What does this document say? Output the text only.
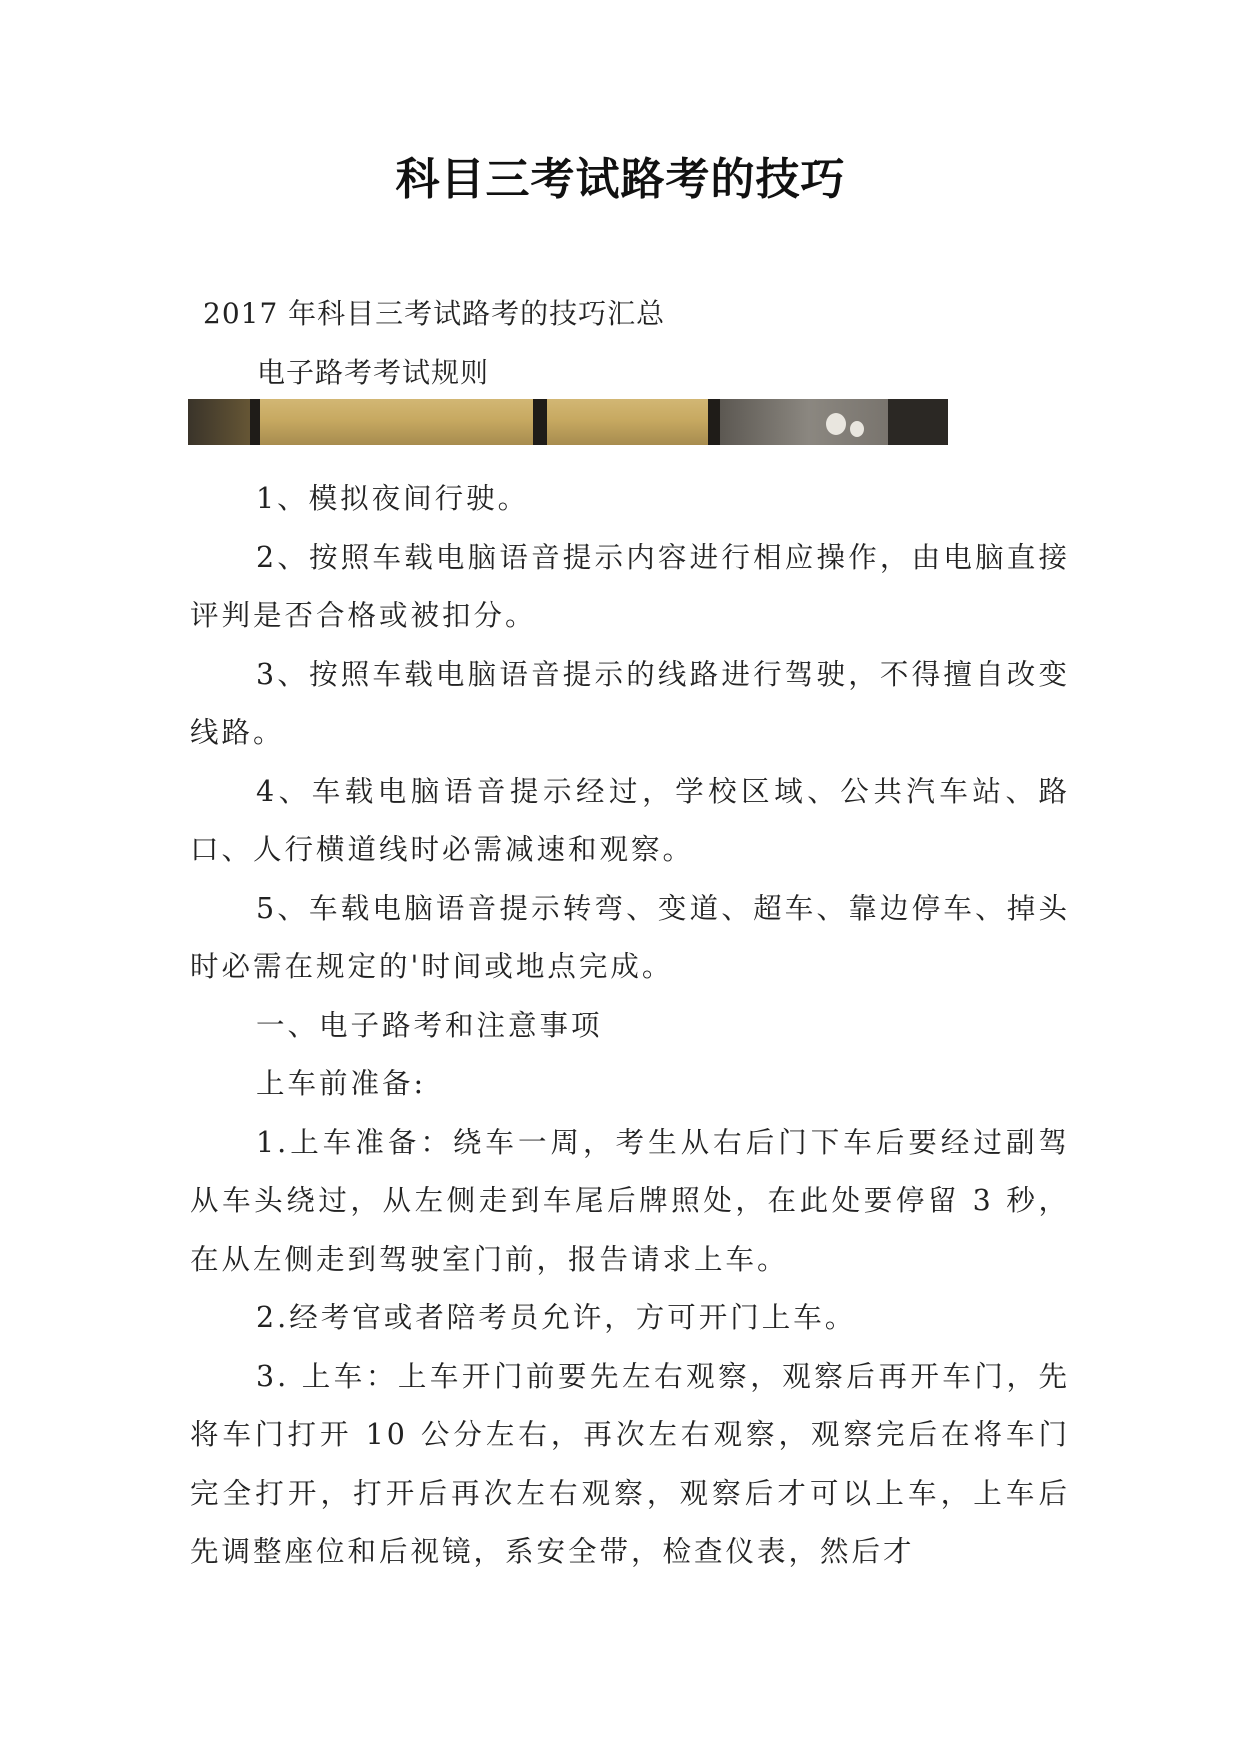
科目三考试路考的技巧
2017 年科目三考试路考的技巧汇总
电子路考考试规则

1、模拟夜间行驶。

2、按照车载电脑语音提示内容进行相应操作，由电脑直接评判是否合格或被扣分。

3、按照车载电脑语音提示的线路进行驾驶，不得擅自改变线路。

4、车载电脑语音提示经过，学校区域、公共汽车站、路口、人行横道线时必需减速和观察。

5、车载电脑语音提示转弯、变道、超车、靠边停车、掉头时必需在规定的'时间或地点完成。

一、电子路考和注意事项

上车前准备:

1.上车准备：绕车一周，考生从右后门下车后要经过副驾从车头绕过，从左侧走到车尾后牌照处，在此处要停留 3 秒，在从左侧走到驾驶室门前，报告请求上车。

2.经考官或者陪考员允许，方可开门上车。

3. 上车：上车开门前要先左右观察，观察后再开车门，先将车门打开 10 公分左右，再次左右观察，观察完后在将车门完全打开，打开后再次左右观察，观察后才可以上车，上车后先调整座位和后视镜，系安全带，检查仪表，然后才
